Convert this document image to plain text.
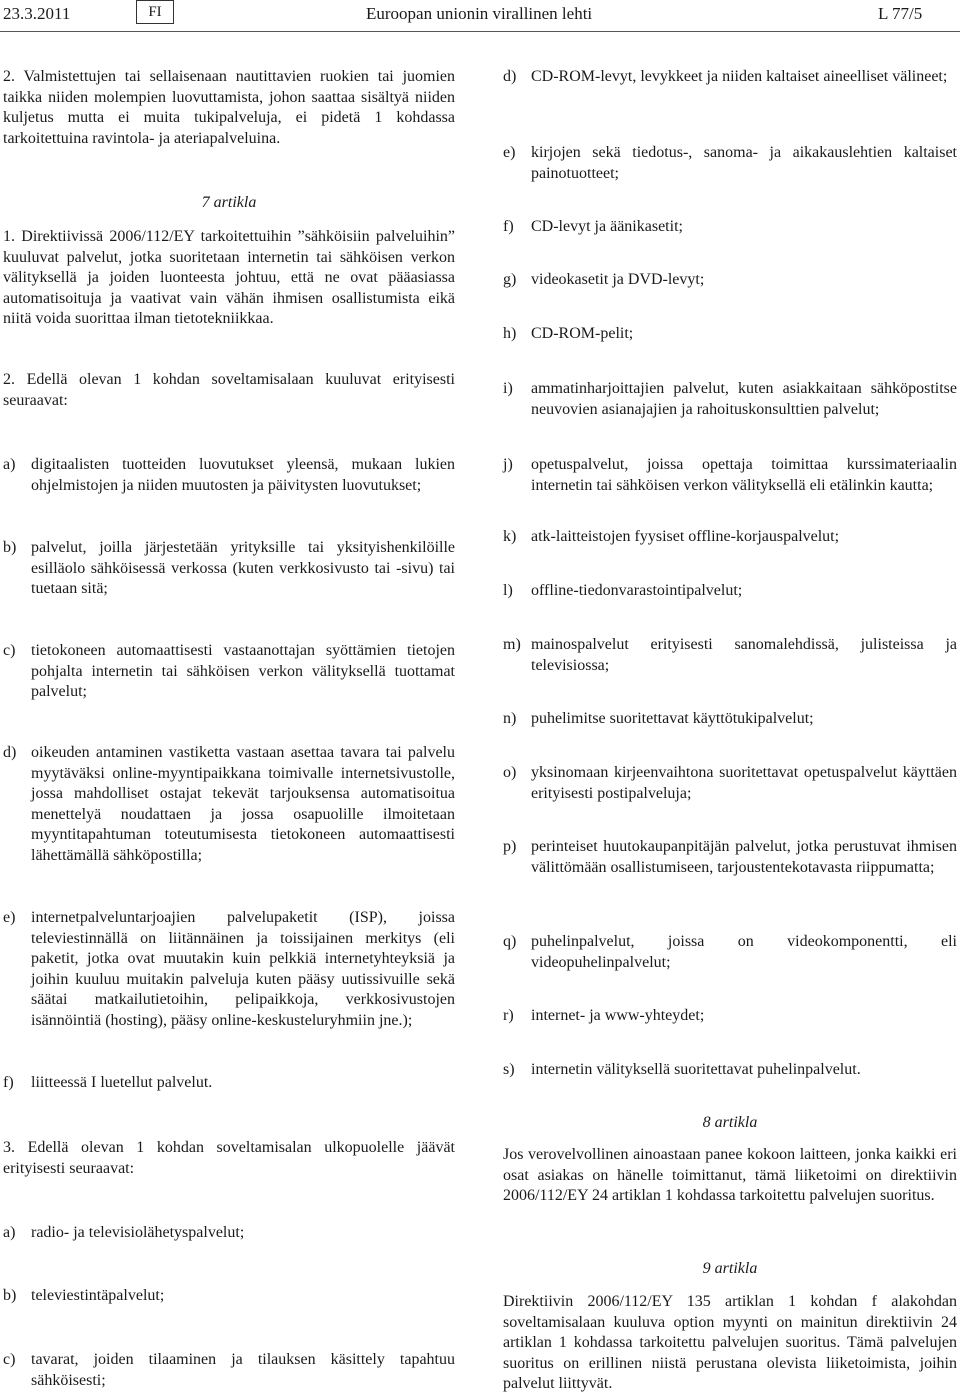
23.3.2011	FI	Euroopan unionin virallinen lehti	L 77/5
2. Valmistettujen tai sellaisenaan nautittavien ruokien tai juomien taikka niiden molempien luovuttamista, johon saattaa sisältyä niiden kuljetus mutta ei muita tukipalveluja, ei pidetä 1 kohdassa tarkoitettuina ravintola- ja ateriapalveluina.
7 artikla
1. Direktiivissä 2006/112/EY tarkoitettuihin ”sähköisiin palveluihin” kuuluvat palvelut, jotka suoritetaan internetin tai sähköisen verkon välityksellä ja joiden luonteesta johtuu, että ne ovat pääasiassa automatisoituja ja vaativat vain vähän ihmisen osallistumista eikä niitä voida suorittaa ilman tietotekniikkaa.
2. Edellä olevan 1 kohdan soveltamisalaan kuuluvat erityisesti seuraavat:
a) digitaalisten tuotteiden luovutukset yleensä, mukaan lukien ohjelmistojen ja niiden muutosten ja päivitysten luovutukset;
b) palvelut, joilla järjestetään yrityksille tai yksityishenkilöille esilläolo sähköisessä verkossa (kuten verkkosivusto tai -sivu) tai tuetaan sitä;
c) tietokoneen automaattisesti vastaanottajan syöttämien tietojen pohjalta internetin tai sähköisen verkon välityksellä tuottamat palvelut;
d) oikeuden antaminen vastiketta vastaan asettaa tavara tai palvelu myytäväksi online-myyntipaikkana toimivalle internetsivustolle, jossa mahdolliset ostajat tekevät tarjouksensa automatisoitua menettelyä noudattaen ja jossa osapuolille ilmoitetaan myyntitapahtuman toteutumisesta tietokoneen automaattisesti lähettämällä sähköpostilla;
e) internetpalveluntarjoajien palvelupaketit (ISP), joissa televiestinnällä on liitännäinen ja toissijainen merkitys (eli paketit, jotka ovat muutakin kuin pelkkiä internetyhteyksiä ja joihin kuuluu muitakin palveluja kuten pääsy uutissivuille sekä säätai matkailutietoihin, pelipaikkoja, verkkosivustojen isännöintiä (hosting), pääsy online-keskusteluryhmiin jne.);
f) liitteessä I luetellut palvelut.
3. Edellä olevan 1 kohdan soveltamisalan ulkopuolelle jäävät erityisesti seuraavat:
a) radio- ja televisiolähetyspalvelut;
b) televiestintäpalvelut;
c) tavarat, joiden tilaaminen ja tilauksen käsittely tapahtuu sähköisesti;
d) CD-ROM-levyt, levykkeet ja niiden kaltaiset aineelliset välineet;
e) kirjojen sekä tiedotus-, sanoma- ja aikakauslehtien kaltaiset painotuotteet;
f) CD-levyt ja äänikasetit;
g) videokasetit ja DVD-levyt;
h) CD-ROM-pelit;
i) ammatinharjoittajien palvelut, kuten asiakkaitaan sähköpostitse neuvovien asianajajien ja rahoituskonsulttien palvelut;
j) opetuspalvelut, joissa opettaja toimittaa kurssimateriaalin internetin tai sähköisen verkon välityksellä eli etälinkin kautta;
k) atk-laitteistojen fyysiset offline-korjauspalvelut;
l) offline-tiedonvarastointipalvelut;
m) mainospalvelut erityisesti sanomalehdissä, julisteissa ja televisiossa;
n) puhelimitse suoritettavat käyttötukipalvelut;
o) yksinomaan kirjeenvaihtona suoritettavat opetuspalvelut käyttäen erityisesti postipalveluja;
p) perinteiset huutokaupanpitäjän palvelut, jotka perustuvat ihmisen välittömään osallistumiseen, tarjoustentekotavasta riippumatta;
q) puhelinpalvelut, joissa on videokomponentti, eli videopuhelinpalvelut;
r) internet- ja www-yhteydet;
s) internetin välityksellä suoritettavat puhelinpalvelut.
8 artikla
Jos verovelvollinen ainoastaan panee kokoon laitteen, jonka kaikki eri osat asiakas on hänelle toimittanut, tämä liiketoimi on direktiivin 2006/112/EY 24 artiklan 1 kohdassa tarkoitettu palvelujen suoritus.
9 artikla
Direktiivin 2006/112/EY 135 artiklan 1 kohdan f alakohdan soveltamisalaan kuuluva option myynti on mainitun direktiivin 24 artiklan 1 kohdassa tarkoitettu palvelujen suoritus. Tämä palvelujen suoritus on erillinen niistä perustana olevista liiketoimista, joihin palvelut liittyvät.
